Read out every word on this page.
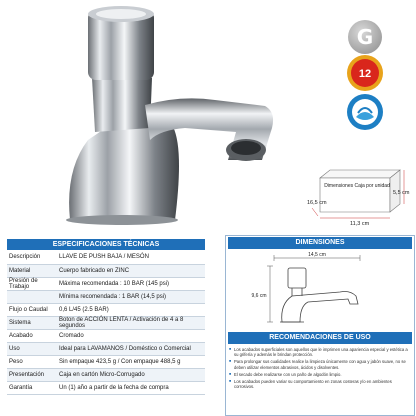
G
12
Dimensiones Caja por unidad
5,5 cm
16,5 cm
11,3 cm
ESPECIFICACIONES TÉCNICAS
Descripción	LLAVE DE PUSH BAJA / MESÓN
Material	Cuerpo fabricado en ZINC
Presión de Trabajo	Máxima recomendada : 10 BAR (145 psi)
	Mínima recomendada : 1 BAR (14,5 psi)
Flujo o Caudal	0,6 L/45 (2.5 BAR)
Sistema	Boton de ACCIÓN LENTA / Activación de 4 a 8 segundos
Acabado	Cromado
Uso	Ideal para LAVAMANOS / Doméstico o Comercial
Peso	Sin empaque 423,5 g / Con empaque 488,5 g
Presentación	Caja en cartón Micro-Corrugado
Garantía	Un (1) año a partir de la fecha de compra
DIMENSIONES
14,5 cm
9,6 cm
RECOMENDACIONES DE USO
■ Los acabados superficiales son aquellos que le imprimen una apariencia especial y estética a su grifería y además le brindan protección.
■ Para prolongar sus cualidades realice la limpieza únicamente con agua y jabón suave, no se deben utilizar elementos abrasivos, ácidos y disolventes.
■ El secado debe realizarse con un paño de algodón limpio.
■ Los acabados pueden variar su comportamiento en zonas costeras y/o en ambientes corrosivos.
